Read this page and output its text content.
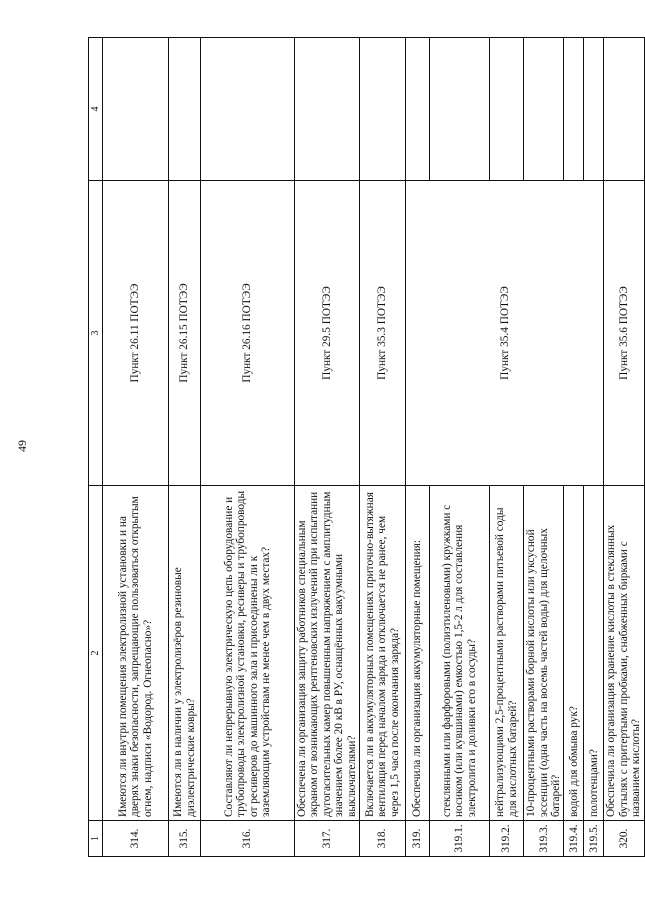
49
1	2	3	4
314.	Имеются ли внутри помещения электролизной установки и на дверях знаки безопасности, запрещающие пользоваться открытым огнем, надписи «Водород. Огнеопасно»?	Пункт 26.11 ПОТЭЭ	
315.	Имеются ли в наличии у электролизёров резиновые диэлектрические ковры?	Пункт 26.15 ПОТЭЭ	
316.	Составляют ли непрерывную электрическую цепь оборудование и трубопроводы электролизной установки, ресиверы и трубопроводы от ресиверов до машинного зала и присоединены ли к заземляющим устройствам не менее чем в двух местах?	Пункт 26.16 ПОТЭЭ	
317.	Обеспечена ли организация защиту работников специальным экраном от возникающих рентгеновских излучений при испытании дугогасительных камер повышенным напряжением с амплитудным значением более 20 кВ в РУ, оснащённых вакуумными выключателями?	Пункт 29.5 ПОТЭЭ	
318.	Включается ли в аккумуляторных помещениях приточно-вытяжная вентиляция перед началом заряда и отключается не ранее, чем через 1,5 часа после окончания заряда?	Пункт 35.3 ПОТЭЭ	
319.	Обеспечила ли организация аккумуляторные помещения:	Пункт 35.4 ПОТЭЭ	
319.1.	стеклянными или фарфоровыми (полиэтиленовыми) кружками с носиком (или кувшинами) емкостью 1,5-2 л для составления электролита и доливки его в сосуды?		
319.2.	нейтрализующими 2,5-процентными растворами питьевой соды для кислотных батарей?		
319.3.	10-процентными растворами борной кислоты или уксусной эссенции (одна часть на восемь частей воды) для щелочных батарей?		
319.4.	водой для обмыва рук?		
319.5.	полотенцами?		
320.	Обеспечила ли организация хранение кислоты в стеклянных бутылях с притертыми пробками, снабженных бирками с названием кислоты?	Пункт 35.6 ПОТЭЭ	
